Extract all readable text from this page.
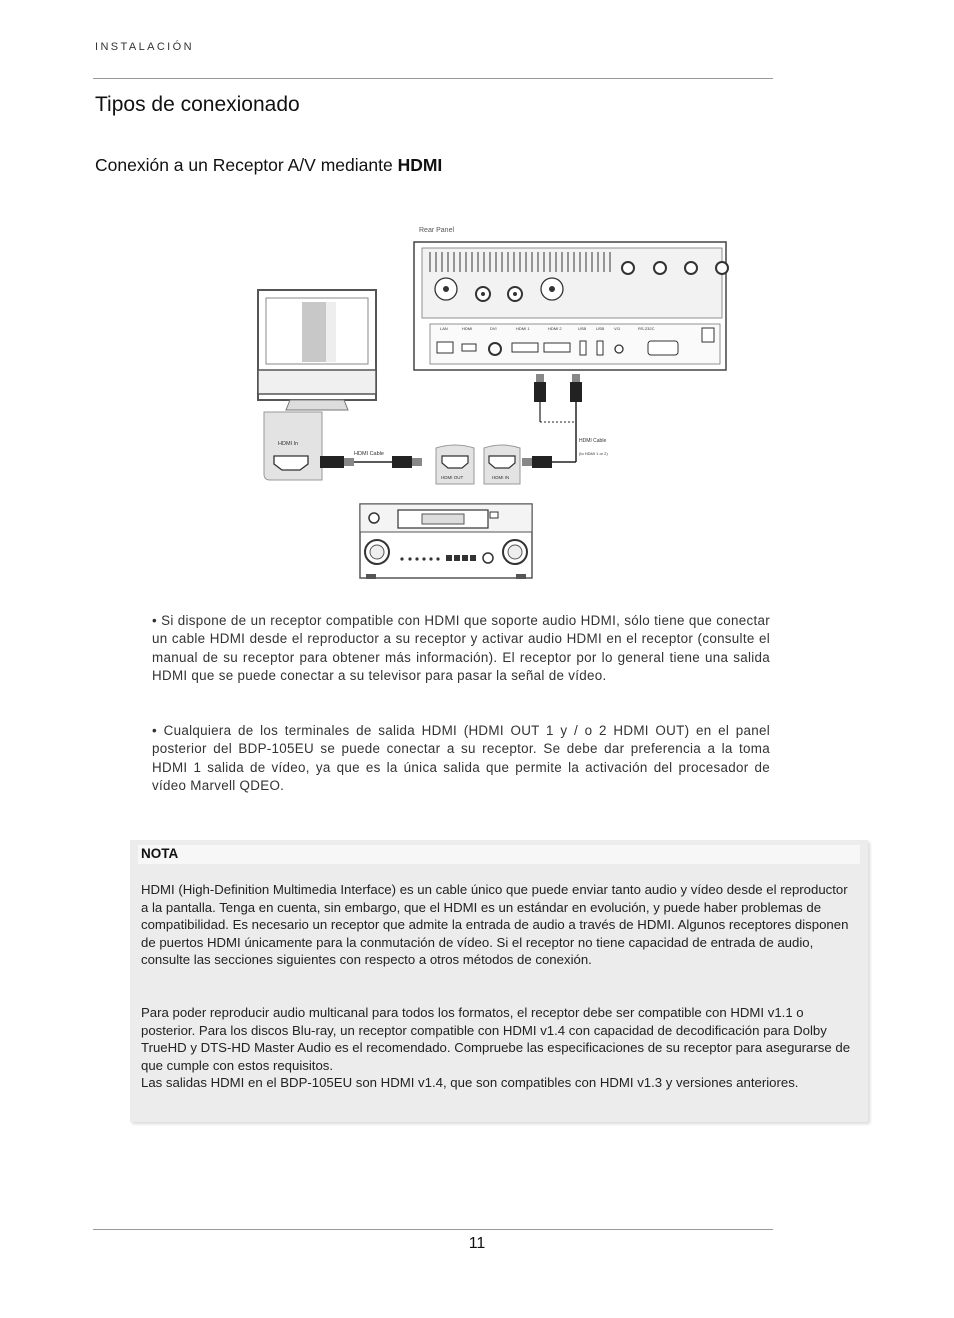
INSTALACIÓN
Tipos de conexionado
Conexión a un Receptor A/V mediante HDMI
Rear Panel
LAN	HDMI	DVI	HDMI 1	HDMI 2	USB USB V.D	RS-232C
HDMI In
HDMI Cable
HDMI OUT	HDMI IN
HDMI Cable
(to HDMI 1 or 2)
• Si dispone de un receptor compatible con HDMI que soporte audio HDMI, sólo tiene que conectar un cable HDMI desde el reproductor a su receptor y activar audio HDMI en el receptor (consulte el manual de su receptor para obtener más información). El receptor por lo general tiene una salida HDMI que se puede conectar a su televisor para pasar la señal de vídeo.
• Cualquiera de los terminales de salida HDMI (HDMI OUT 1 y / o 2 HDMI OUT) en el panel posterior del BDP-105EU se puede conectar a su receptor. Se debe dar preferencia a la toma HDMI 1 salida de vídeo, ya que es la única salida que permite la activación del procesador de vídeo Marvell QDEO.
NOTA
HDMI (High-Definition Multimedia Interface) es un cable único que puede enviar tanto audio y vídeo desde el reproductor a la pantalla. Tenga en cuenta, sin embargo, que el HDMI es un estándar en evolución, y puede haber problemas de compatibilidad. Es necesario un receptor que admite la entrada de audio a través de HDMI. Algunos receptores disponen de puertos HDMI únicamente para la conmutación de vídeo. Si el receptor no tiene capacidad de entrada de audio, consulte las secciones siguientes con respecto a otros métodos de conexión.
Para poder reproducir audio multicanal para todos los formatos, el receptor debe ser compatible con HDMI v1.1 o posterior. Para los discos Blu-ray, un receptor compatible con HDMI v1.4 con capacidad de decodificación para Dolby TrueHD y DTS-HD Master Audio es el recomendado. Compruebe las especificaciones de su receptor para asegurarse de que cumple con estos requisitos.
Las salidas HDMI en el BDP-105EU son HDMI v1.4, que son compatibles con HDMI v1.3 y versiones anteriores.
11
